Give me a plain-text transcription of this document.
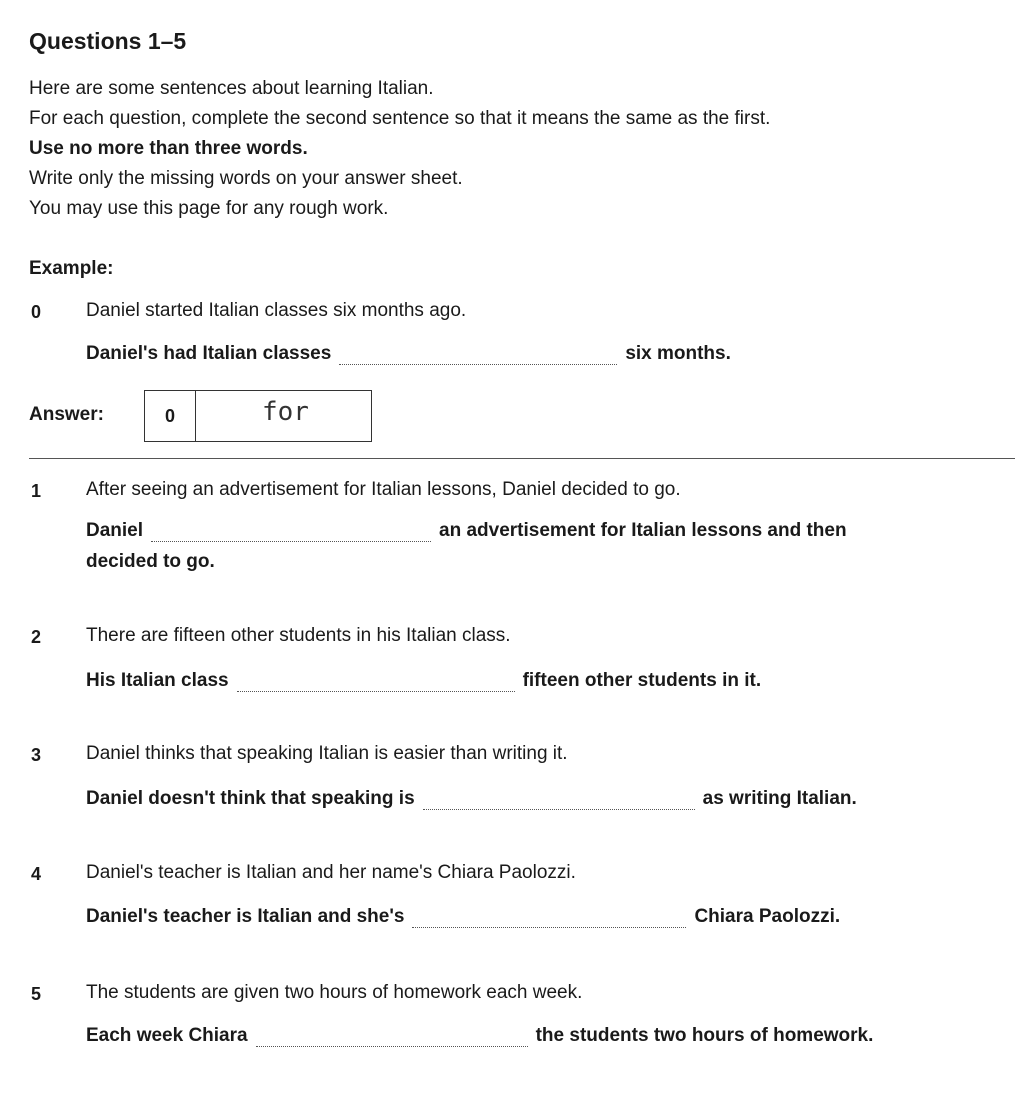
Questions 1–5
Here are some sentences about learning Italian.
For each question, complete the second sentence so that it means the same as the first.
Use no more than three words.
Write only the missing words on your answer sheet.
You may use this page for any rough work.
Example:
0 Daniel started Italian classes six months ago.
Daniel's had Italian classes	six months.
Answer:	0	for
1 After seeing an advertisement for Italian lessons, Daniel decided to go.
Daniel	an advertisement for Italian lessons and then
decided to go.
2 There are fifteen other students in his Italian class.
His Italian class	fifteen other students in it.
3 Daniel thinks that speaking Italian is easier than writing it.
Daniel doesn't think that speaking is	as writing Italian.
4 Daniel's teacher is Italian and her name's Chiara Paolozzi.
Daniel's teacher is Italian and she's	Chiara Paolozzi.
5 The students are given two hours of homework each week.
Each week Chiara	the students two hours of homework.
